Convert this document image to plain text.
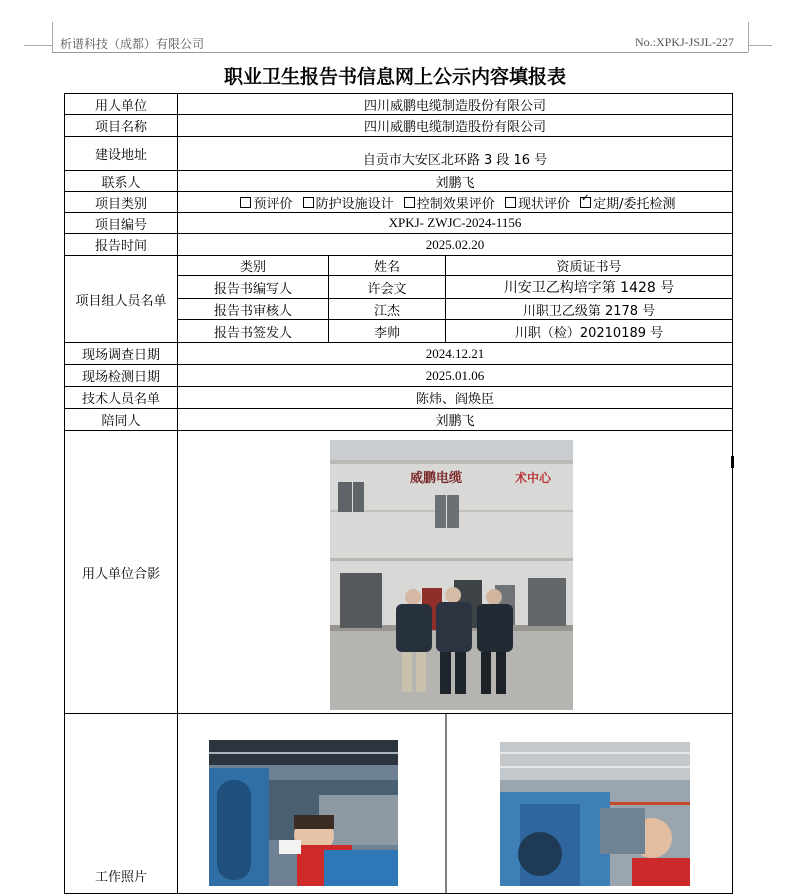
析谱科技（成都）有限公司	No.:XPKJ-JSJL-227
职业卫生报告书信息网上公示内容填报表
用人单位	四川威鹏电缆制造股份有限公司
项目名称	四川威鹏电缆制造股份有限公司
建设地址	自贡市大安区北环路 3 段 16 号
联系人	刘鹏飞
项目类别	预评价 防护设施设计 控制效果评价 现状评价 ✓ 定期/委托检测
项目编号	XPKJ- ZWJC-2024-1156
报告时间	2025.02.20
项目组人员名单	
类别	姓名	资质证书号
报告书编写人	许会文	川安卫乙构培字第 1428 号
报告书审核人	江杰	川职卫乙级第 2178 号
报告书签发人	李帅	川职（检）20210189 号

现场调查日期	2024.12.21
现场检测日期	2025.01.06
技术人员名单	陈炜、阎焕臣
陪同人	刘鹏飞
用人单位合影	
工作照片	
威鹏电缆	术中心
